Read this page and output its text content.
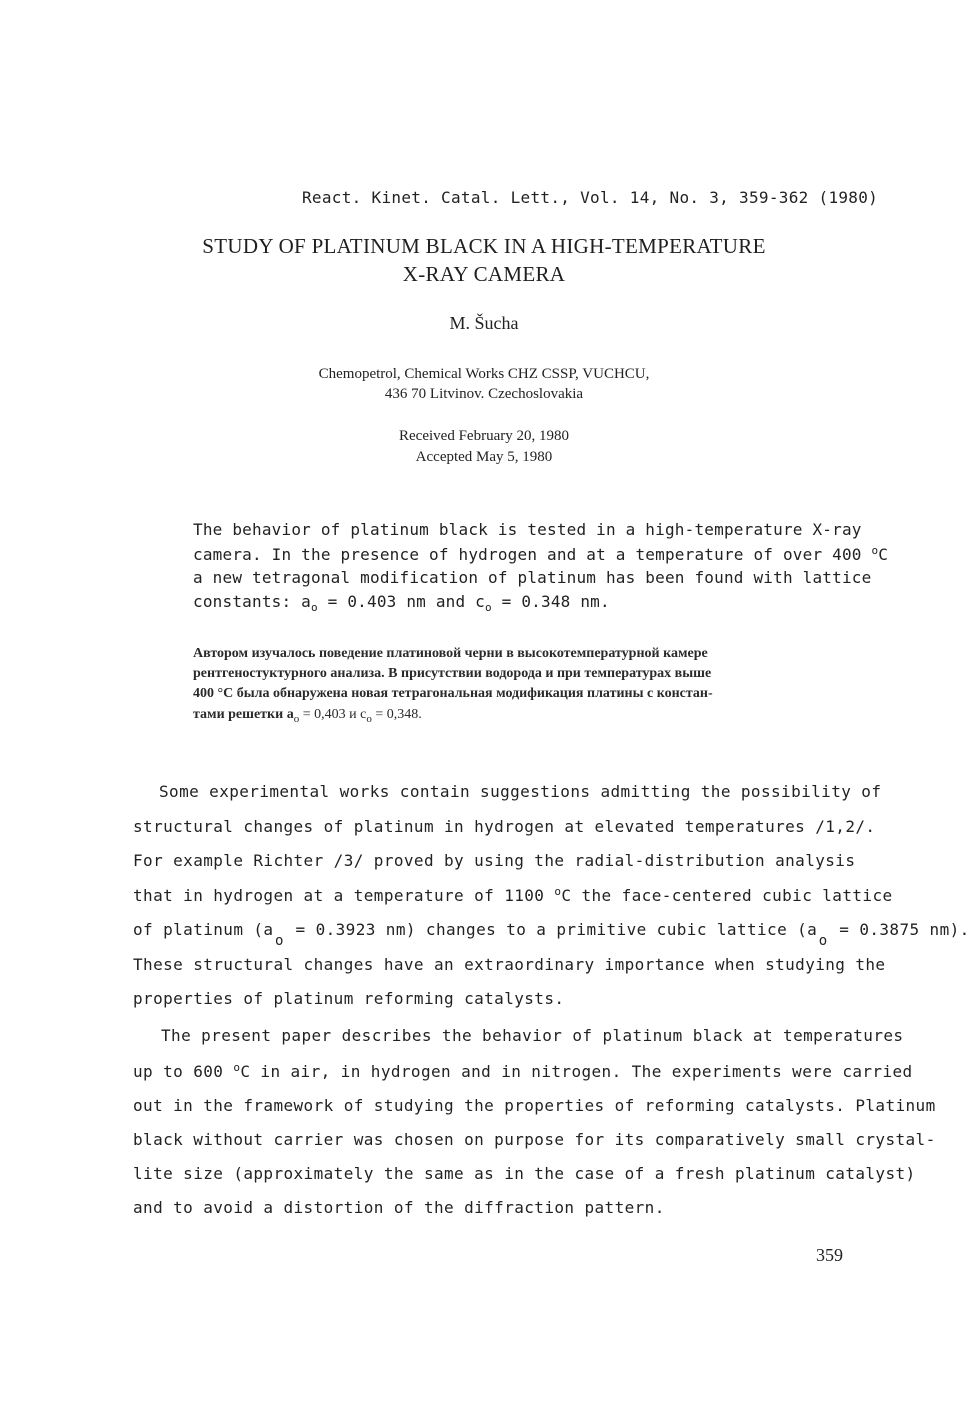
React. Kinet. Catal. Lett., Vol. 14, No. 3, 359-362 (1980)
STUDY OF PLATINUM BLACK IN A HIGH-TEMPERATURE
X-RAY CAMERA
M. Šucha
Chemopetrol, Chemical Works CHZ CSSP, VUCHCU,
436 70 Litvinov. Czechoslovakia
Received February 20, 1980
Accepted May 5, 1980
The behavior of platinum black is tested in a high-temperature X-ray
camera. In the presence of hydrogen and at a temperature of over 400 $^o$C
a new tetragonal modification of platinum has been found with lattice
constants: $a_o = 0.403$ nm and $c_o = 0.348$ nm.
Автором изучалось поведение платиновой черни в высокотемпературной камере
рентгеностуктурного анализа. В присутствии водорода и при температурах выше
400 °C была обнаружена новая тетрагональная модификация платины с констан-
тами решетки $a_o = 0,403$ и $c_o = 0,348$.
Some experimental works contain suggestions admitting the possibility of
structural changes of platinum in hydrogen at elevated temperatures /1,2/.
For example Richter /3/ proved by using the radial-distribution analysis
that in hydrogen at a temperature of 1100 $^o$C the face-centered cubic lattice
of platinum (ao = 0.3923 nm) changes to a primitive cubic lattice (ao = 0.3875 nm).
These structural changes have an extraordinary importance when studying the
properties of platinum reforming catalysts.
The present paper describes the behavior of platinum black at temperatures
up to 600 $^o$C in air, in hydrogen and in nitrogen. The experiments were carried
out in the framework of studying the properties of reforming catalysts. Platinum
black without carrier was chosen on purpose for its comparatively small crystal-
lite size (approximately the same as in the case of a fresh platinum catalyst)
and to avoid a distortion of the diffraction pattern.
359
